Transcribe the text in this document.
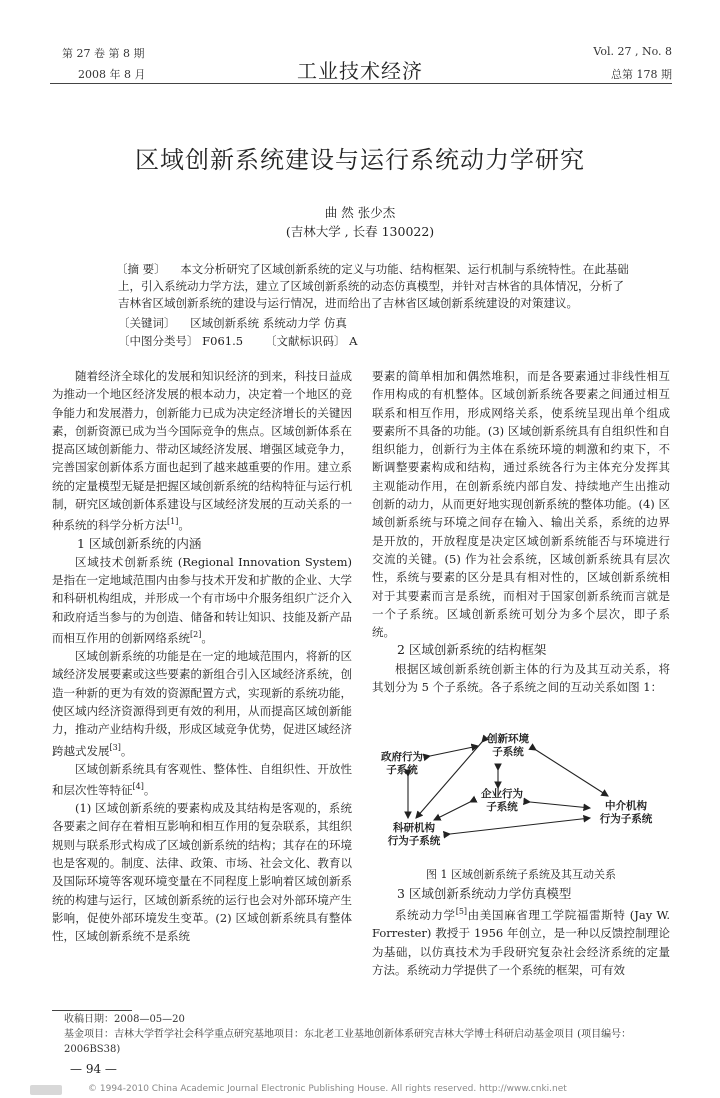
第 27 卷 第 8 期
2008 年 8 月	工业技术经济
Vol. 27 , No. 8
总第 178 期
区域创新系统建设与运行系统动力学研究
曲 然 张少杰
(吉林大学 , 长春 130022)
〔摘 要〕 本文分析研究了区域创新系统的定义与功能、结构框架、运行机制与系统特性。在此基础上，引入系统动力学方法，建立了区域创新系统的动态仿真模型，并针对吉林省的具体情况，分析了吉林省区域创新系统的建设与运行情况，进而给出了吉林省区域创新系统建设的对策建议。
〔关键词〕 区域创新系统 系统动力学 仿真
〔中图分类号〕 F061.5 〔文献标识码〕 A

随着经济全球化的发展和知识经济的到来，科技日益成为推动一个地区经济发展的根本动力，决定着一个地区的竞争能力和发展潜力，创新能力已成为决定经济增长的关键因素，创新资源已成为当今国际竞争的焦点。区域创新体系在提高区域创新能力、带动区域经济发展、增强区域竞争力，完善国家创新体系方面也起到了越来越重要的作用。建立系统的定量模型无疑是把握区域创新系统的结构特征与运行机制，研究区域创新体系建设与区域经济发展的互动关系的一种系统的科学分析方法[1]。

1 区域创新系统的内涵

区域技术创新系统 (Regional Innovation System) 是指在一定地域范围内由参与技术开发和扩散的企业、大学和科研机构组成，并形成一个有市场中介服务组织广泛介入和政府适当参与的为创造、储备和转让知识、技能及新产品而相互作用的创新网络系统[2]。

区域创新系统的功能是在一定的地域范围内，将新的区域经济发展要素或这些要素的新组合引入区域经济系统，创造一种新的更为有效的资源配置方式，实现新的系统功能，使区域内经济资源得到更有效的利用，从而提高区域创新能力，推动产业结构升级，形成区域竞争优势，促进区域经济跨越式发展[3]。

区域创新系统具有客观性、整体性、自组织性、开放性和层次性等特征[4]。

(1) 区域创新系统的要素构成及其结构是客观的，系统各要素之间存在着相互影响和相互作用的复杂联系，其组织规则与联系形式构成了区域创新系统的结构；其存在的环境也是客观的。制度、法律、政策、市场、社会文化、教育以及国际环境等客观环境变量在不同程度上影响着区域创新系统的构建与运行，区域创新系统的运行也会对外部环境产生影响，促使外部环境发生变革。(2) 区域创新系统具有整体性，区域创新系统不是系统

要素的简单相加和偶然堆积，而是各要素通过非线性相互作用构成的有机整体。区域创新系统各要素之间通过相互联系和相互作用，形成网络关系，使系统呈现出单个组成要素所不具备的功能。(3) 区域创新系统具有自组织性和自组织能力，创新行为主体在系统环境的刺激和约束下，不断调整要素构成和结构，通过系统各行为主体充分发挥其主观能动作用，在创新系统内部自发、持续地产生出推动创新的动力，从而更好地实现创新系统的整体功能。(4) 区域创新系统与环境之间存在输入、输出关系，系统的边界是开放的，开放程度是决定区域创新系统能否与环境进行交流的关键。(5) 作为社会系统，区域创新系统具有层次性，系统与要素的区分是具有相对性的，区域创新系统相对于其要素而言是系统，而相对于国家创新系统而言就是一个子系统。区域创新系统可划分为多个层次，即子系统。

2 区域创新系统的结构框架

根据区域创新系统创新主体的行为及其互动关系，将其划分为 5 个子系统。各子系统之间的互动关系如图 1：

创新环境
子系统
政府行为
子系统
企业行为
子系统	中介机构
行为子系统
科研机构
行为子系统
图 1 区域创新系统子系统及其互动关系

3 区域创新系统动力学仿真模型

系统动力学[5]由美国麻省理工学院福雷斯特 (Jay W. Forrester) 教授于 1956 年创立，是一种以反馈控制理论为基础，以仿真技术为手段研究复杂社会经济系统的定量方法。系统动力学提供了一个系统的框架，可有效

收稿日期：2008—05—20
基金项目：吉林大学哲学社会科学重点研究基地项目：东北老工业基地创新体系研究吉林大学博士科研启动基金项目 (项目编号：2006BS38)
— 94 —
© 1994-2010 China Academic Journal Electronic Publishing House. All rights reserved. http://www.cnki.net
